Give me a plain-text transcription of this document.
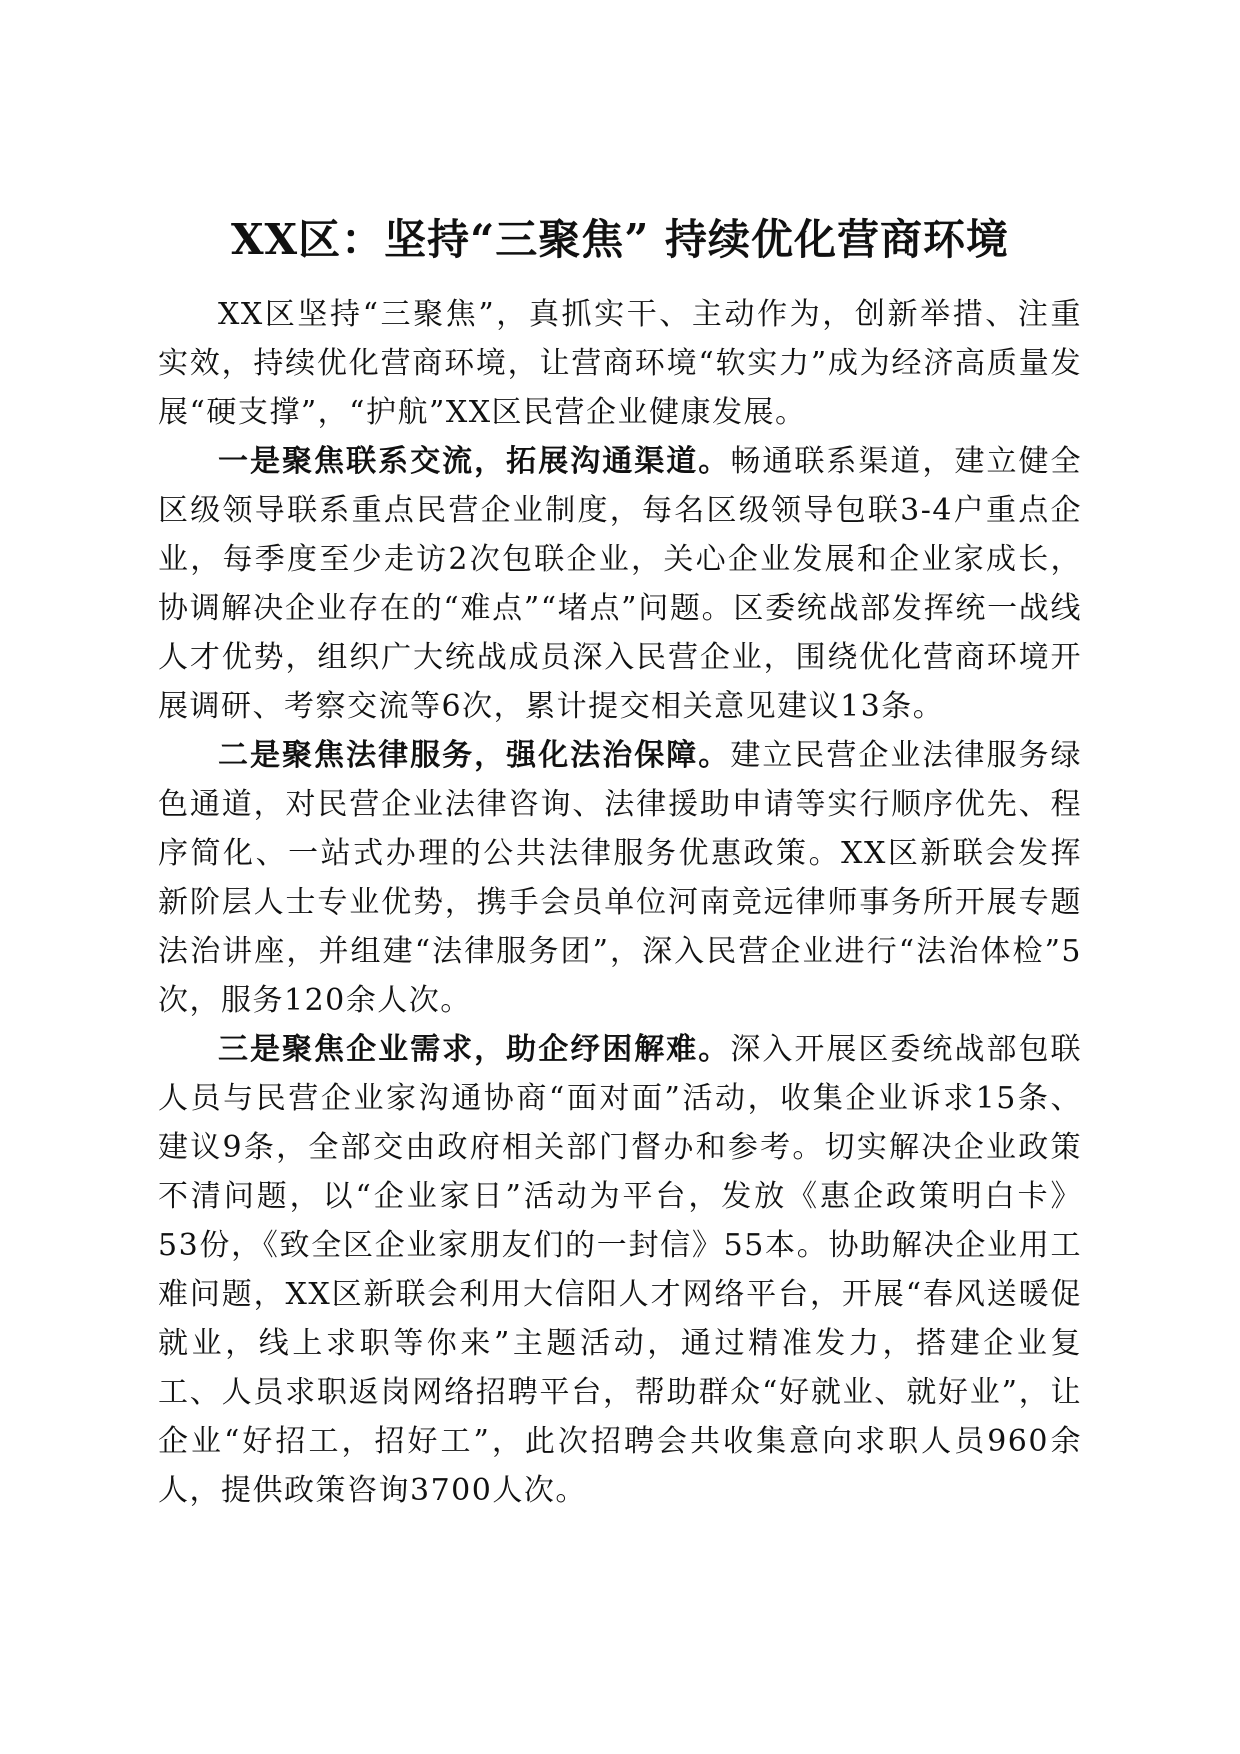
XX区：坚持“三聚焦” 持续优化营商环境

XX区坚持“三聚焦”，真抓实干、主动作为，创新举措、注重实效，持续优化营商环境，让营商环境“软实力”成为经济高质量发展“硬支撑”，“护航”XX区民营企业健康发展。

一是聚焦联系交流，拓展沟通渠道。畅通联系渠道，建立健全区级领导联系重点民营企业制度，每名区级领导包联3-4户重点企业，每季度至少走访2次包联企业，关心企业发展和企业家成长，协调解决企业存在的“难点”“堵点”问题。区委统战部发挥统一战线人才优势，组织广大统战成员深入民营企业，围绕优化营商环境开展调研、考察交流等6次，累计提交相关意见建议13条。

二是聚焦法律服务，强化法治保障。建立民营企业法律服务绿色通道，对民营企业法律咨询、法律援助申请等实行顺序优先、程序简化、一站式办理的公共法律服务优惠政策。XX区新联会发挥新阶层人士专业优势，携手会员单位河南竞远律师事务所开展专题法治讲座，并组建“法律服务团”，深入民营企业进行“法治体检”5次，服务120余人次。

三是聚焦企业需求，助企纾困解难。深入开展区委统战部包联人员与民营企业家沟通协商“面对面”活动，收集企业诉求15条、建议9条，全部交由政府相关部门督办和参考。切实解决企业政策不清问题，以“企业家日”活动为平台，发放《惠企政策明白卡》53份，《致全区企业家朋友们的一封信》55本。协助解决企业用工难问题，XX区新联会利用大信阳人才网络平台，开展“春风送暖促就业，线上求职等你来”主题活动，通过精准发力，搭建企业复工、人员求职返岗网络招聘平台，帮助群众“好就业、就好业”，让企业“好招工，招好工”，此次招聘会共收集意向求职人员960余人，提供政策咨询3700人次。
